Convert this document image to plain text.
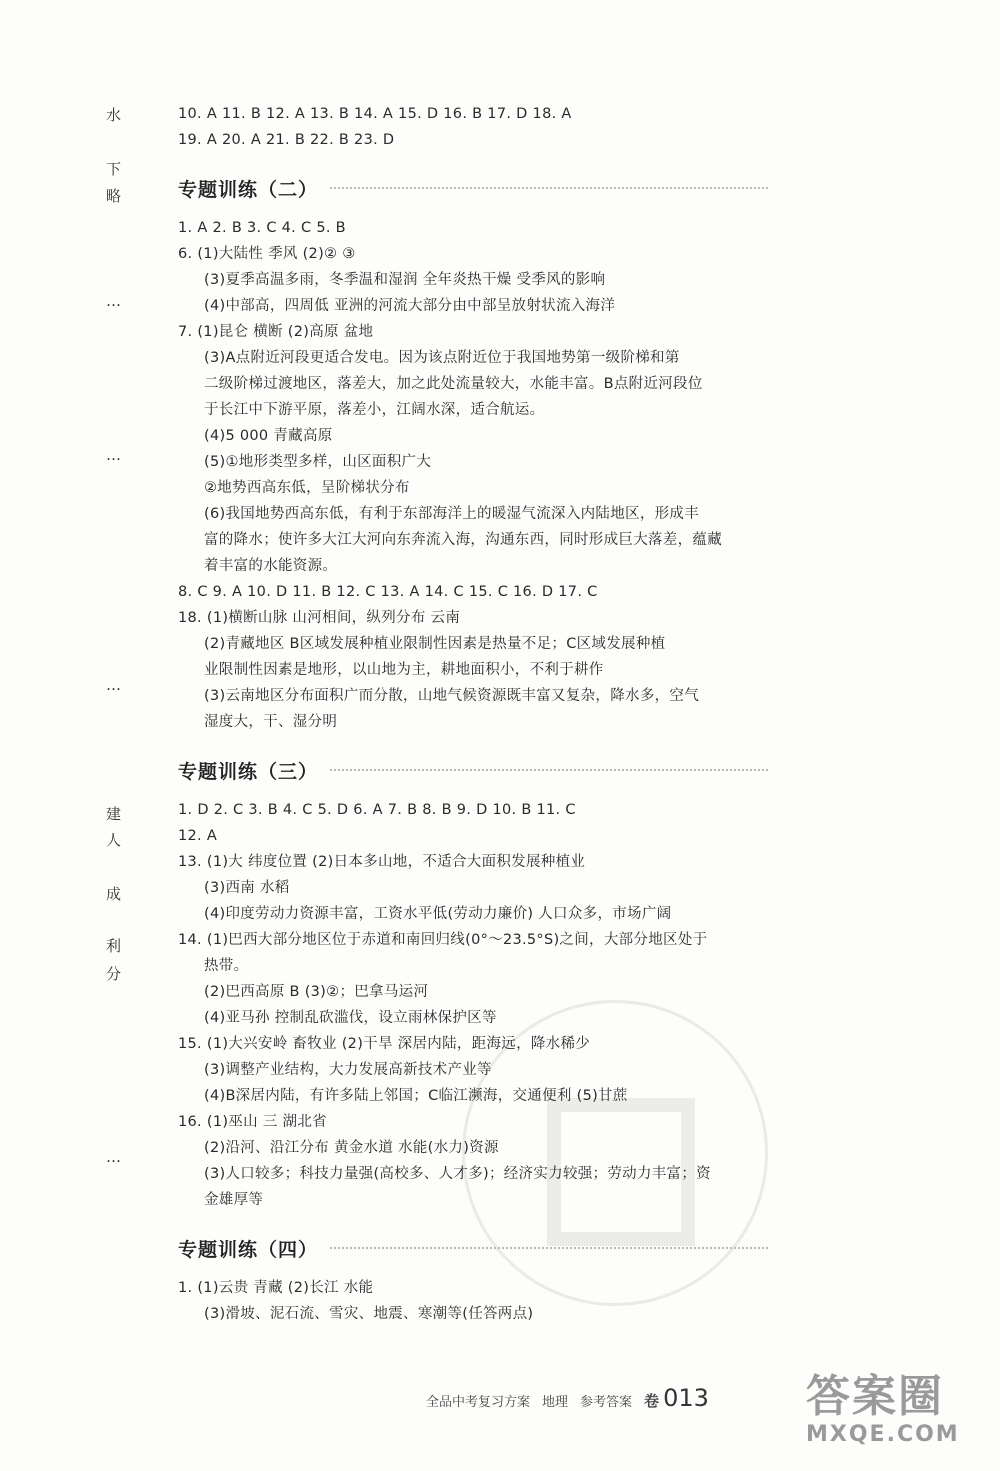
水
下
略
…
…
…
建
人
成
利
分
…
10. A 11. B 12. A 13. B 14. A 15. D 16. B 17. D 18. A
19. A 20. A 21. B 22. B 23. D
专题训练（二）
1. A 2. B 3. C 4. C 5. B
6. (1)大陆性 季风 (2)② ③
(3)夏季高温多雨，冬季温和湿润 全年炎热干燥 受季风的影响
(4)中部高，四周低 亚洲的河流大部分由中部呈放射状流入海洋
7. (1)昆仑 横断 (2)高原 盆地
(3)A点附近河段更适合发电。因为该点附近位于我国地势第一级阶梯和第
二级阶梯过渡地区，落差大，加之此处流量较大，水能丰富。B点附近河段位
于长江中下游平原，落差小，江阔水深，适合航运。
(4)5 000 青藏高原
(5)①地形类型多样，山区面积广大
②地势西高东低，呈阶梯状分布
(6)我国地势西高东低，有利于东部海洋上的暖湿气流深入内陆地区，形成丰
富的降水；使许多大江大河向东奔流入海，沟通东西，同时形成巨大落差，蕴藏
着丰富的水能资源。
8. C 9. A 10. D 11. B 12. C 13. A 14. C 15. C 16. D 17. C
18. (1)横断山脉 山河相间，纵列分布 云南
(2)青藏地区 B区域发展种植业限制性因素是热量不足；C区域发展种植
业限制性因素是地形，以山地为主，耕地面积小，不利于耕作
(3)云南地区分布面积广而分散，山地气候资源既丰富又复杂，降水多，空气
湿度大，干、湿分明
专题训练（三）
1. D 2. C 3. B 4. C 5. D 6. A 7. B 8. B 9. D 10. B 11. C
12. A
13. (1)大 纬度位置 (2)日本多山地，不适合大面积发展种植业
(3)西南 水稻
(4)印度劳动力资源丰富，工资水平低(劳动力廉价) 人口众多，市场广阔
14. (1)巴西大部分地区位于赤道和南回归线(0°～23.5°S)之间，大部分地区处于
热带。
(2)巴西高原 B (3)②；巴拿马运河
(4)亚马孙 控制乱砍滥伐，设立雨林保护区等
15. (1)大兴安岭 畜牧业 (2)干旱 深居内陆，距海远，降水稀少
(3)调整产业结构，大力发展高新技术产业等
(4)B深居内陆，有许多陆上邻国；C临江濒海，交通便利 (5)甘蔗
16. (1)巫山 三 湖北省
(2)沿河、沿江分布 黄金水道 水能(水力)资源
(3)人口较多；科技力量强(高校多、人才多)；经济实力较强；劳动力丰富；资
金雄厚等
专题训练（四）
1. (1)云贵 青藏 (2)长江 水能
(3)滑坡、泥石流、雪灾、地震、寒潮等(任答两点)
全品中考复习方案 地理 参考答案 卷 013 答案圈
MXQE.COM
